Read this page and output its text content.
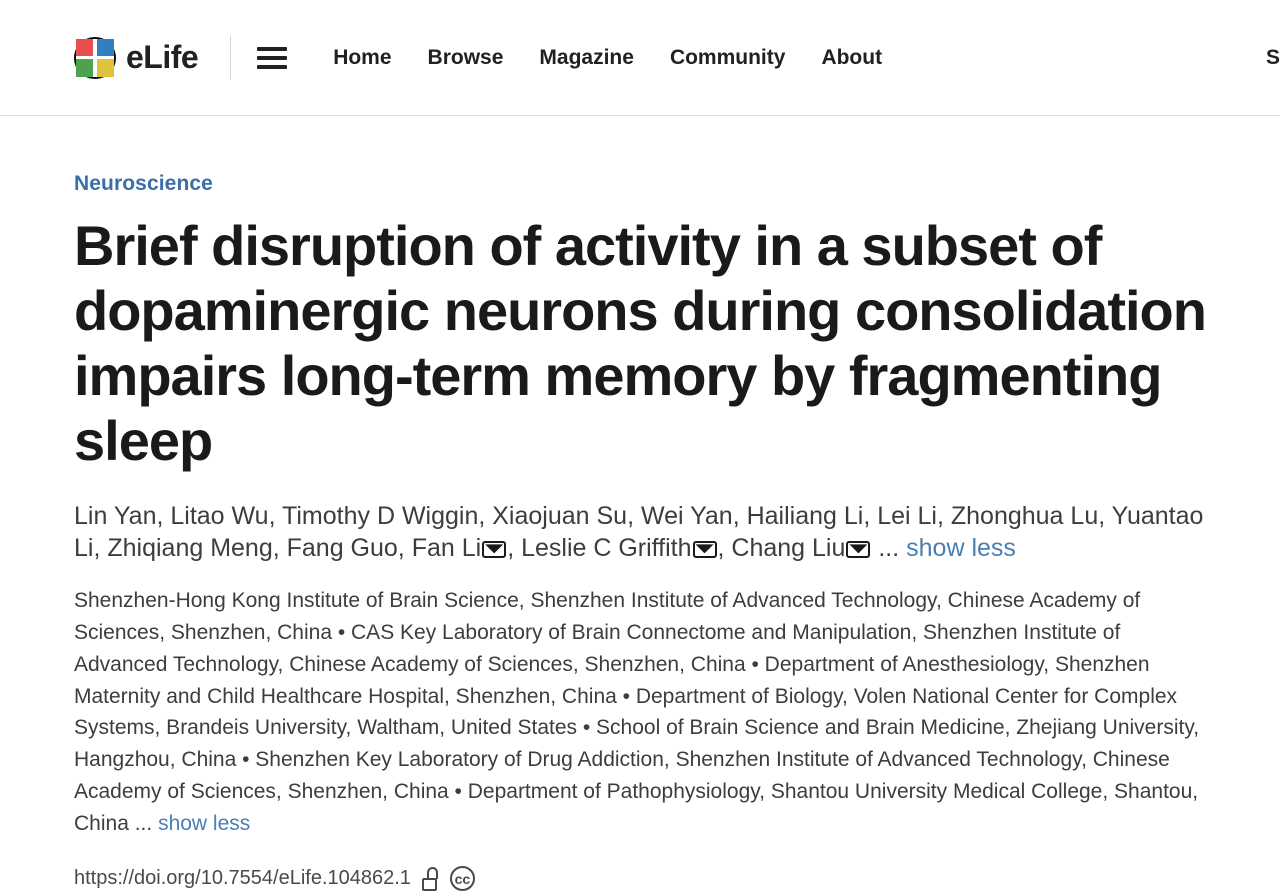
eLife	Home Browse Magazine Community About	S
Neuroscience
Brief disruption of activity in a subset of dopaminergic neurons during consolidation impairs long-term memory by fragmenting sleep

Lin Yan, Litao Wu, Timothy D Wiggin, Xiaojuan Su, Wei Yan, Hailiang Li, Lei Li, Zhonghua Lu, Yuantao Li, Zhiqiang Meng, Fang Guo, Fan Li , Leslie C Griffith , Chang Liu ... show less

Shenzhen-Hong Kong Institute of Brain Science, Shenzhen Institute of Advanced Technology, Chinese Academy of Sciences, Shenzhen, China • CAS Key Laboratory of Brain Connectome and Manipulation, Shenzhen Institute of Advanced Technology, Chinese Academy of Sciences, Shenzhen, China • Department of Anesthesiology, Shenzhen Maternity and Child Healthcare Hospital, Shenzhen, China • Department of Biology, Volen National Center for Complex Systems, Brandeis University, Waltham, United States • School of Brain Science and Brain Medicine, Zhejiang University, Hangzhou, China • Shenzhen Key Laboratory of Drug Addiction, Shenzhen Institute of Advanced Technology, Chinese Academy of Sciences, Shenzhen, China • Department of Pathophysiology, Shantou University Medical College, Shantou, China ... show less

https://doi.org/10.7554/eLife.104862.1	cc
